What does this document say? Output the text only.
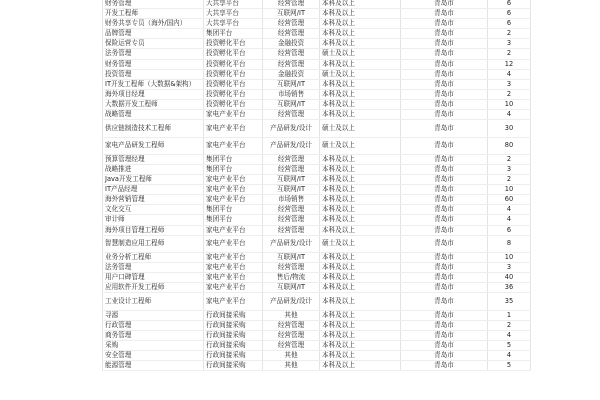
财务管理	大共享平台	经营管理	本科及以上	青岛市	6
开发工程师	大共享平台	互联网/IT	本科及以上	青岛市	6
财务共享专员（海外/国内）	大共享平台	经营管理	本科及以上	青岛市	6
品牌管理	集团平台	经营管理	本科及以上	青岛市	2
保险运营专员	投资孵化平台	金融投资	本科及以上	青岛市	3
法务管理	投资孵化平台	经营管理	硕士及以上	青岛市	2
财务管理	投资孵化平台	经营管理	本科及以上	青岛市	12
投资管理	投资孵化平台	金融投资	硕士及以上	青岛市	4
IT开发工程师（大数据&架构）	投资孵化平台	互联网/IT	本科及以上	青岛市	3
海外项目经理	投资孵化平台	市场销售	本科及以上	青岛市	2
大数据开发工程师	投资孵化平台	互联网/IT	本科及以上	青岛市	10
战略管理	家电产业平台	经营管理	本科及以上	青岛市	4
供应链制造技术工程师	家电产业平台	产品研发/设计	硕士及以上	青岛市	30
家电产品研发工程师	家电产业平台	产品研发/设计	硕士及以上	青岛市	80
预算管理经理	集团平台	经营管理	本科及以上	青岛市	2
战略推进	集团平台	经营管理	本科及以上	青岛市	3
Java开发工程师	家电产业平台	互联网/IT	本科及以上	青岛市	2
IT产品经理	家电产业平台	互联网/IT	本科及以上	青岛市	10
海外营销管理	家电产业平台	市场销售	本科及以上	青岛市	60
文化交互	集团平台	经营管理	本科及以上	青岛市	4
审计师	集团平台	经营管理	本科及以上	青岛市	4
海外项目管理工程师	家电产业平台	经营管理	本科及以上	青岛市	6
智慧制造应用工程师	家电产业平台	产品研发/设计	硕士及以上	青岛市	8
业务分析工程师	家电产业平台	互联网/IT	本科及以上	青岛市	10
法务管理	家电产业平台	经营管理	本科及以上	青岛市	3
用户口碑管理	家电产业平台	售后/物流	本科及以上	青岛市	40
应用软件开发工程师	家电产业平台	互联网/IT	本科及以上	青岛市	36
工业设计工程师	家电产业平台	产品研发/设计	本科及以上	青岛市	35
寻源	行政间接采购	其他	本科及以上	青岛市	1
行政管理	行政间接采购	经营管理	本科及以上	青岛市	2
商务管理	行政间接采购	经营管理	本科及以上	青岛市	4
采购	行政间接采购	经营管理	本科及以上	青岛市	5
安全管理	行政间接采购	其他	本科及以上	青岛市	4
能源管理	行政间接采购	其他	本科及以上	青岛市	5
